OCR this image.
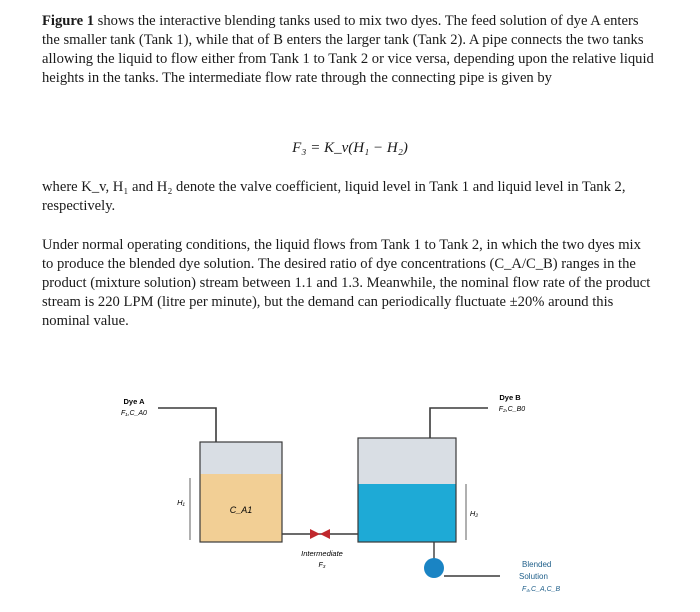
Figure 1 shows the interactive blending tanks used to mix two dyes. The feed solution of dye A enters the smaller tank (Tank 1), while that of B enters the larger tank (Tank 2). A pipe connects the two tanks allowing the liquid to flow either from Tank 1 to Tank 2 or vice versa, depending upon the relative liquid heights in the tanks. The intermediate flow rate through the connecting pipe is given by

F₃ = K_v(H₁ − H₂)

where K_v, H₁ and H₂ denote the valve coefficient, liquid level in Tank 1 and liquid level in Tank 2, respectively.

Under normal operating conditions, the liquid flows from Tank 1 to Tank 2, in which the two dyes mix to produce the blended dye solution. The desired ratio of dye concentrations (C_A/C_B) ranges in the product (mixture solution) stream between 1.1 and 1.3. Meanwhile, the nominal flow rate of the product stream is 220 LPM (litre per minute), but the demand can periodically fluctuate ±20% around this nominal value.

Dye A
F₁,C_A0
Dye B
F₂,C_B0
C_A1
H₁
H₂
Intermediate
F₃	Blended
Solution
F₄,C_A,C_B
